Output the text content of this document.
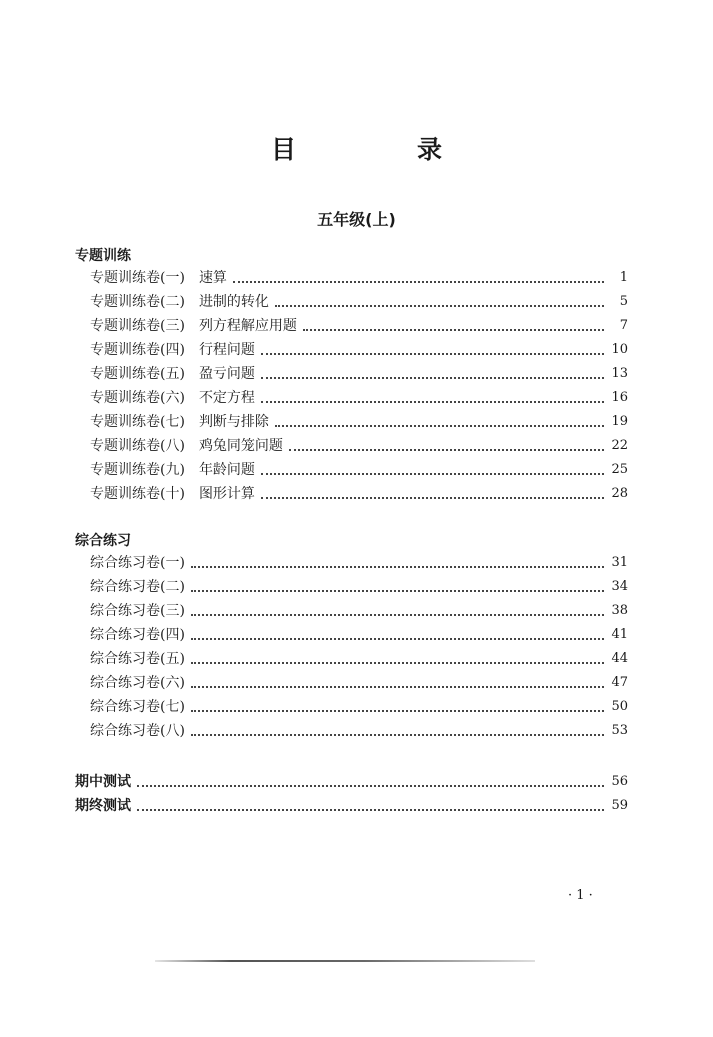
目　录
五年级(上)
专题训练
专题训练卷(一) 速算	1
专题训练卷(二) 进制的转化	5
专题训练卷(三) 列方程解应用题	7
专题训练卷(四) 行程问题	10
专题训练卷(五) 盈亏问题	13
专题训练卷(六) 不定方程	16
专题训练卷(七) 判断与排除	19
专题训练卷(八) 鸡兔同笼问题	22
专题训练卷(九) 年龄问题	25
专题训练卷(十) 图形计算	28
综合练习
综合练习卷(一)	31
综合练习卷(二)	34
综合练习卷(三)	38
综合练习卷(四)	41
综合练习卷(五)	44
综合练习卷(六)	47
综合练习卷(七)	50
综合练习卷(八)	53
期中测试	56
期终测试	59
· 1 ·
